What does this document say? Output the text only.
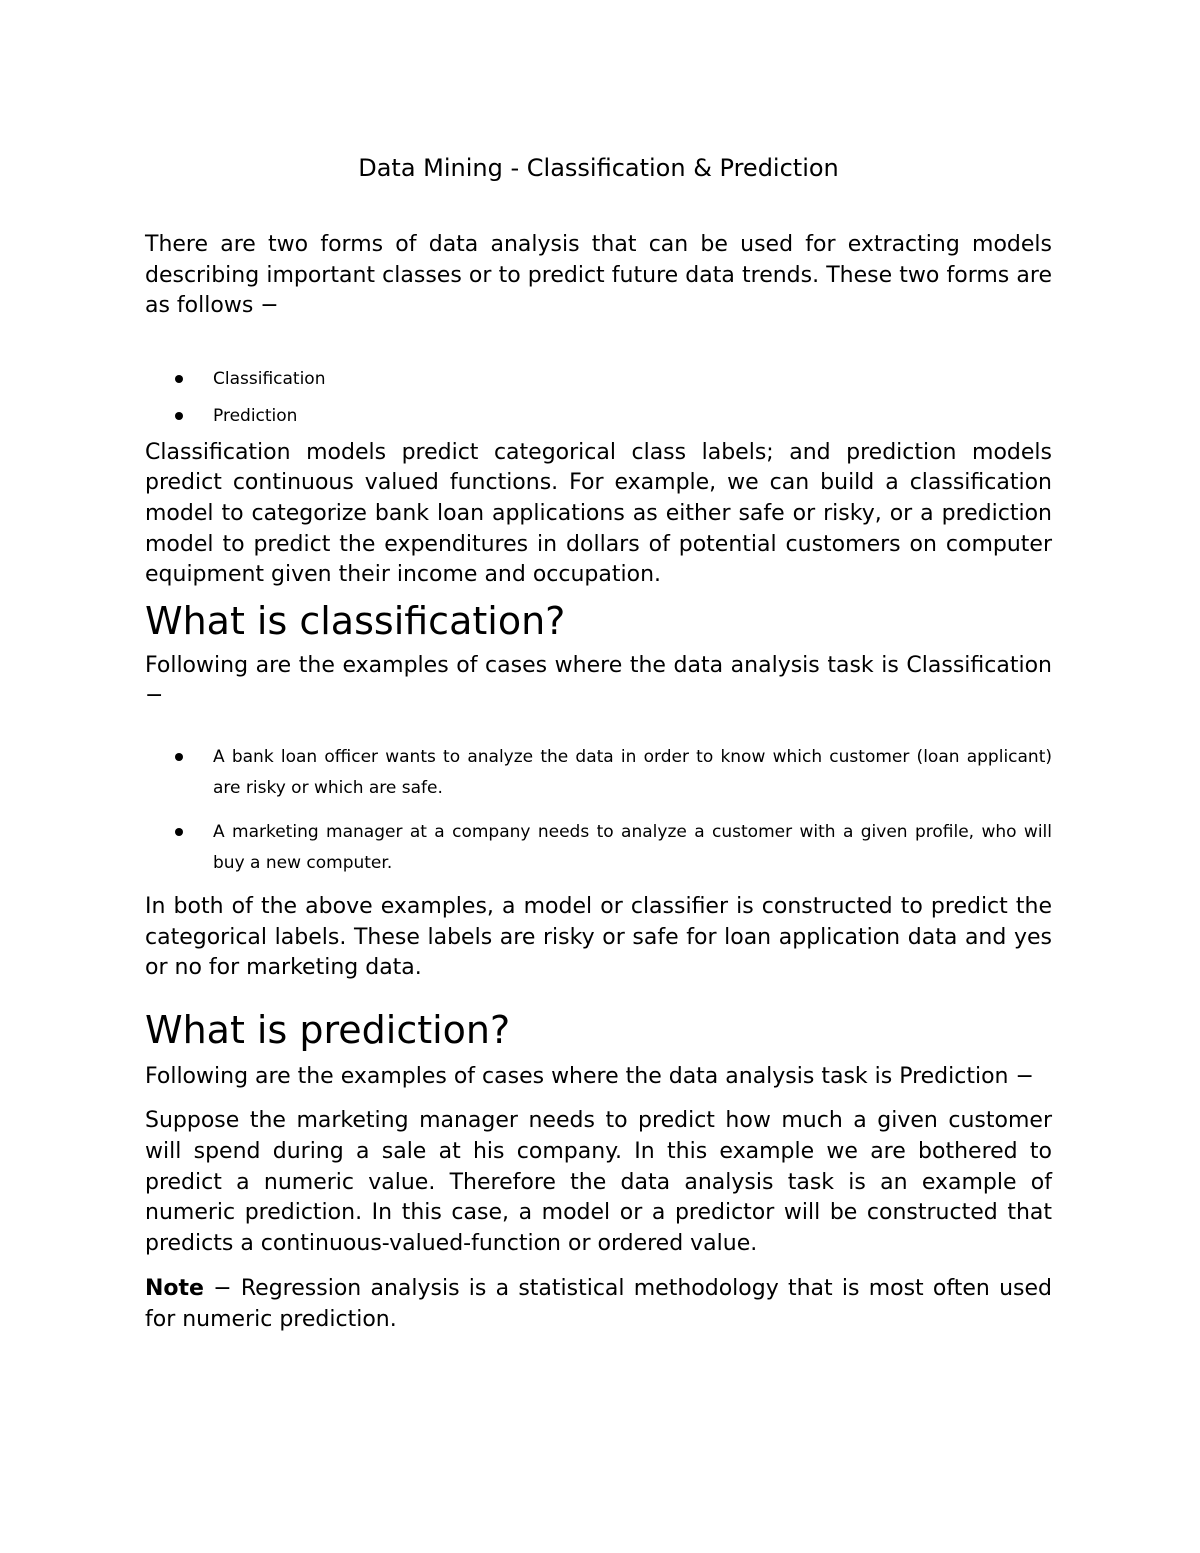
Data Mining - Classification & Prediction

There are two forms of data analysis that can be used for extracting models describing important classes or to predict future data trends. These two forms are as follows −

Classification
Prediction

Classification models predict categorical class labels; and prediction models predict continuous valued functions. For example, we can build a classification model to categorize bank loan applications as either safe or risky, or a prediction model to predict the expenditures in dollars of potential customers on computer equipment given their income and occupation.

What is classification?

Following are the examples of cases where the data analysis task is Classification −

A bank loan officer wants to analyze the data in order to know which customer (loan applicant) are risky or which are safe.
A marketing manager at a company needs to analyze a customer with a given profile, who will buy a new computer.

In both of the above examples, a model or classifier is constructed to predict the categorical labels. These labels are risky or safe for loan application data and yes or no for marketing data.

What is prediction?

Following are the examples of cases where the data analysis task is Prediction −

Suppose the marketing manager needs to predict how much a given customer will spend during a sale at his company. In this example we are bothered to predict a numeric value. Therefore the data analysis task is an example of numeric prediction. In this case, a model or a predictor will be constructed that predicts a continuous-valued-function or ordered value.

Note − Regression analysis is a statistical methodology that is most often used for numeric prediction.
